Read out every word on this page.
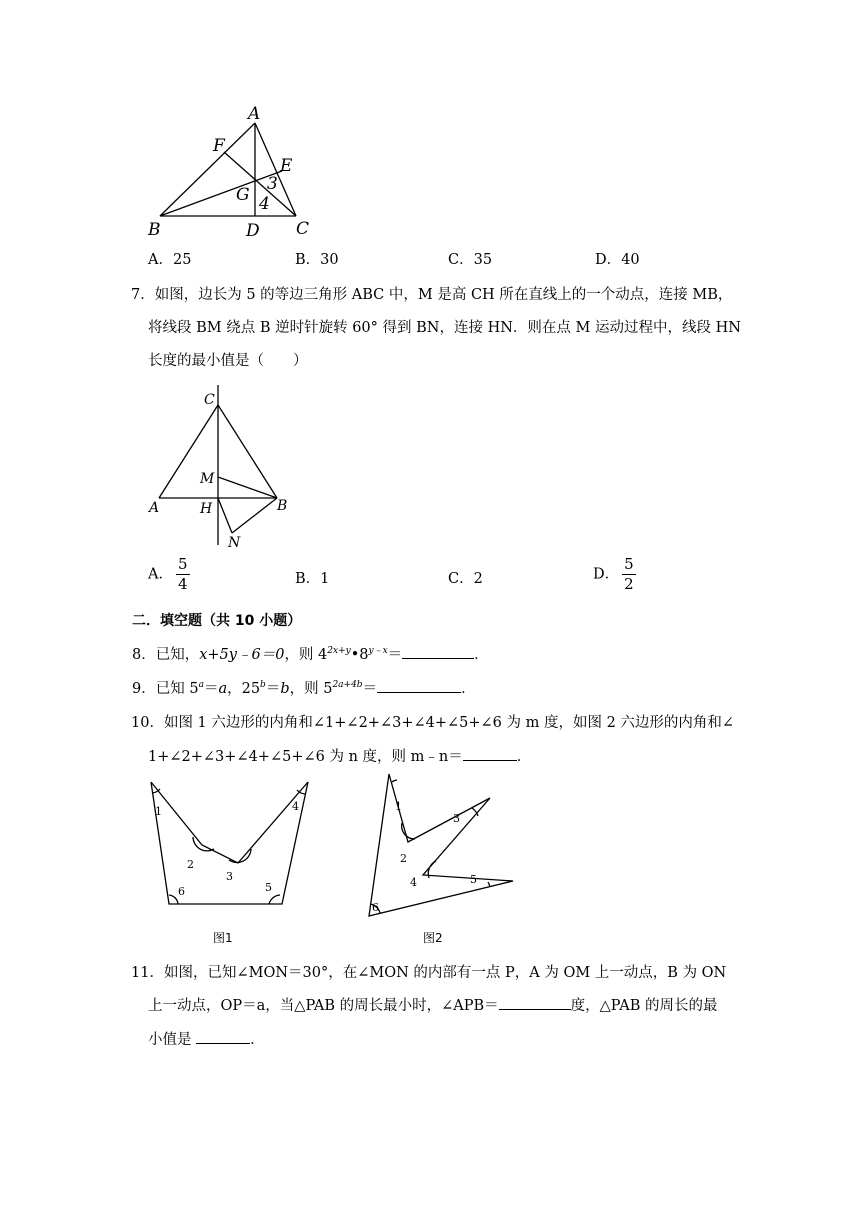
A
F
E
G
3
4
B	D C
A．25	B．30	C．35	D．40
7．如图，边长为 5 的等边三角形 ABC 中，M 是高 CH 所在直线上的一个动点，连接 MB，
将线段 BM 绕点 B 逆时针旋转 60° 得到 BN，连接 HN．则在点 M 运动过程中，线段 HN
长度的最小值是（　　）
C
M
A	H	B
N
A． $\frac{5}{4}$	B．1	C．2	D． $\frac{5}{2}$
二．填空题（共 10 小题）
8．已知，x+5y﹣6＝0，则 $4^{2x+y}•8^{y﹣x}=$	．
9．已知 $5^a=a$，$25^b=b$，则 $5^{2a+4b}=$	．
10．如图 1 六边形的内角和∠1+∠2+∠3+∠4+∠5+∠6 为 m 度，如图 2 六边形的内角和∠
1+∠2+∠3+∠4+∠5+∠6 为 n 度，则 m﹣n＝	．
1
2
3
4
5
6
图1
1
2
3
4	5
6
图2
11．如图，已知∠MON＝30°，在∠MON 的内部有一点 P，A 为 OM 上一动点，B 为 ON
上一动点，OP＝a，当△PAB 的周长最小时，∠APB＝	度，△PAB 的周长的最
小值是	．
